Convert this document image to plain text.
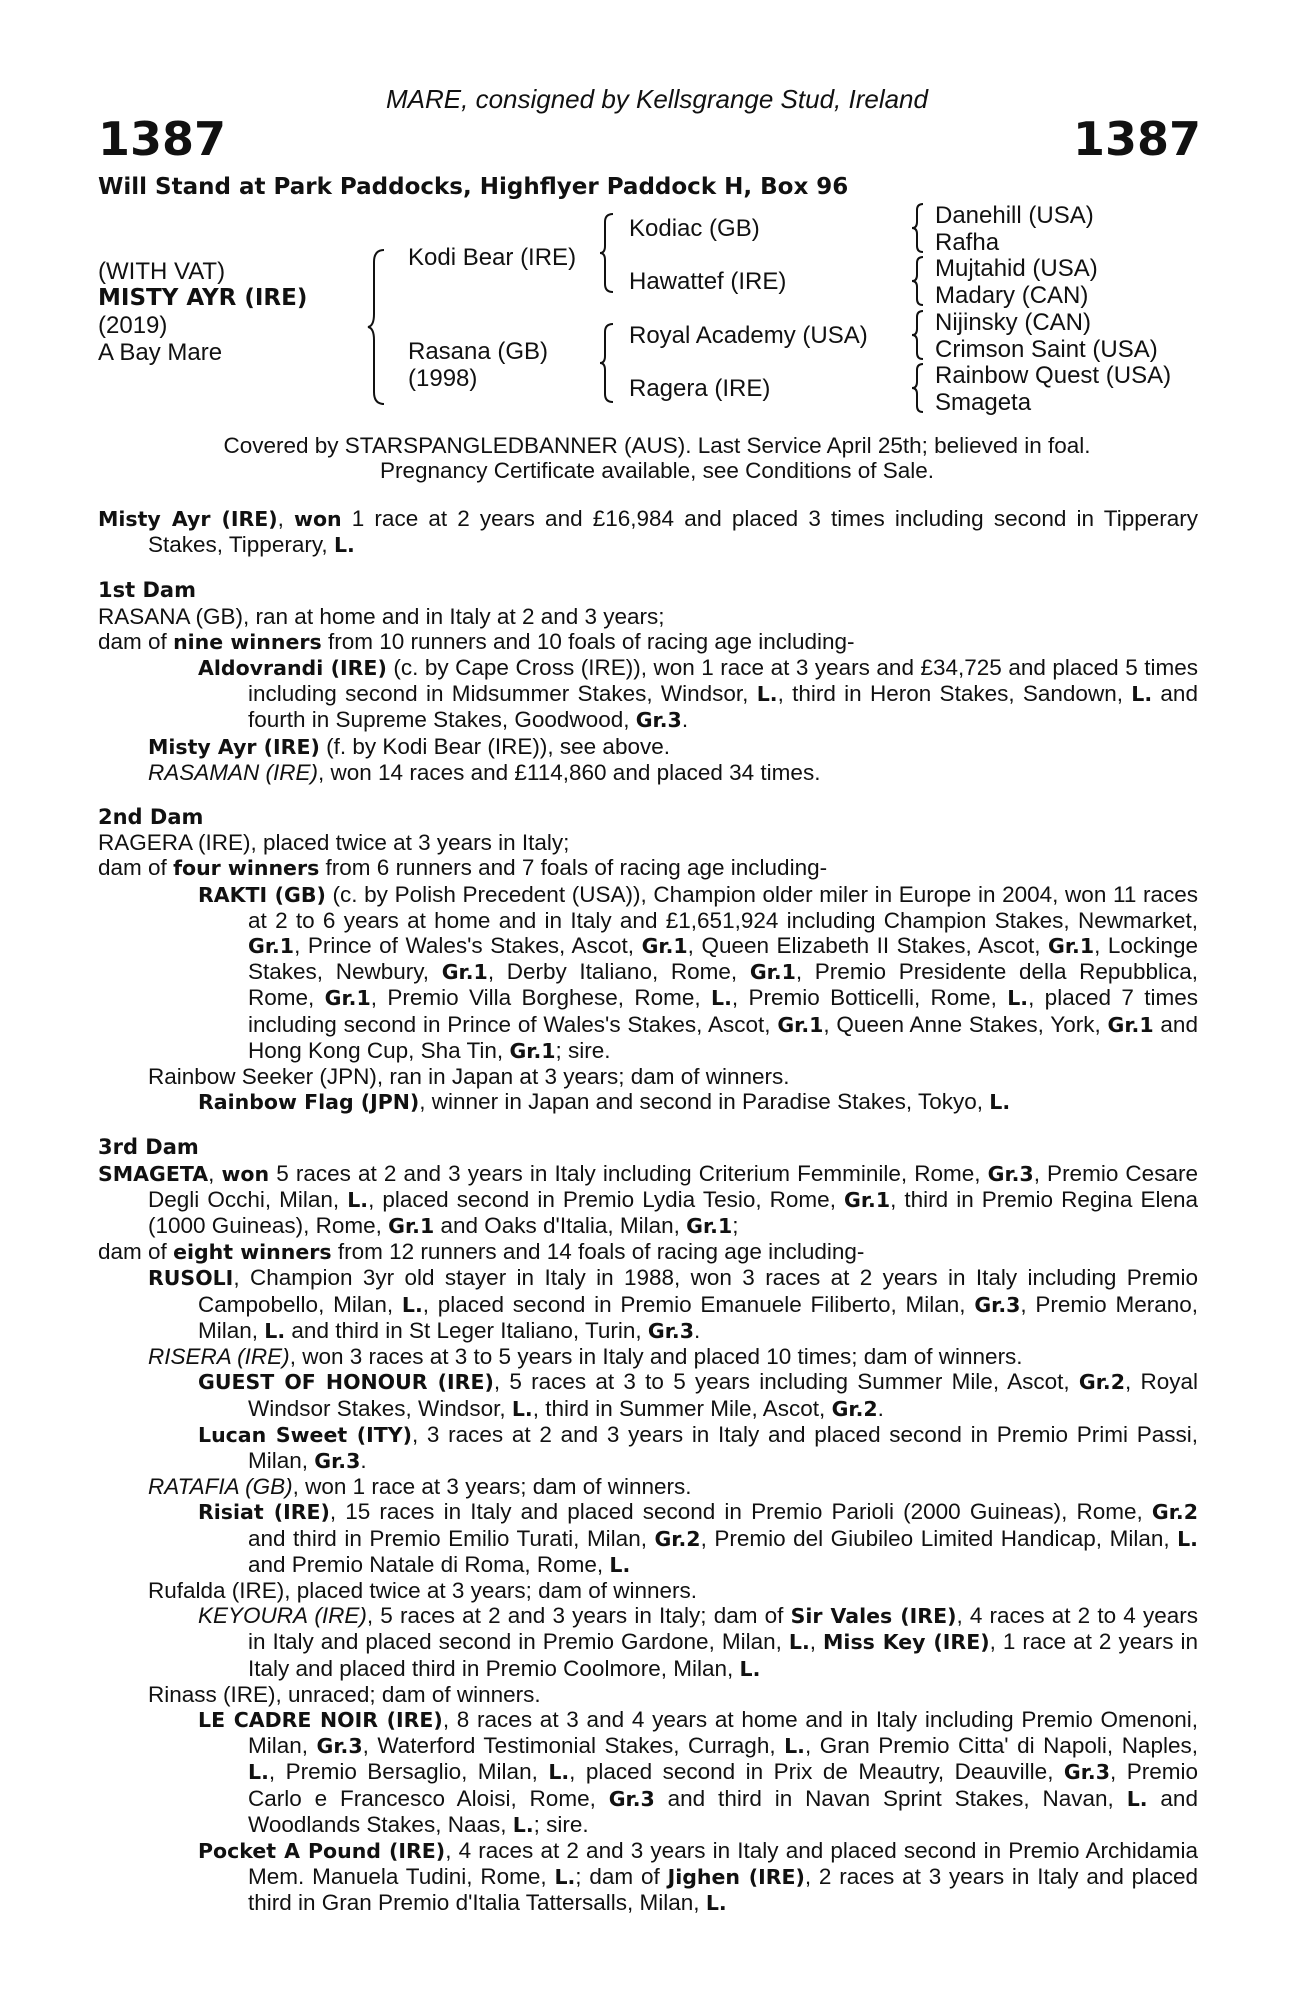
MARE, consigned by Kellsgrange Stud, Ireland
1387	1387
Will Stand at Park Paddocks, Highflyer Paddock H, Box 96
(WITH VAT)
MISTY AYR (IRE)
(2019)
A Bay Mare
Kodi Bear (IRE)
Rasana (GB)
(1998)
Kodiac (GB)
Hawattef (IRE)
Royal Academy (USA)
Ragera (IRE)
Danehill (USA)
Rafha
Mujtahid (USA)
Madary (CAN)
Nijinsky (CAN)
Crimson Saint (USA)
Rainbow Quest (USA)
Smageta
Covered by STARSPANGLEDBANNER (AUS). Last Service April 25th; believed in foal.
Pregnancy Certificate available, see Conditions of Sale.

Misty Ayr (IRE), won 1 race at 2 years and £16,984 and placed 3 times including second in Tipperary Stakes, Tipperary, L.

1st Dam

RASANA (GB), ran at home and in Italy at 2 and 3 years;

dam of nine winners from 10 runners and 10 foals of racing age including-

Aldovrandi (IRE) (c. by Cape Cross (IRE)), won 1 race at 3 years and £34,725 and placed 5 times including second in Midsummer Stakes, Windsor, L., third in Heron Stakes, Sandown, L. and fourth in Supreme Stakes, Goodwood, Gr.3.

Misty Ayr (IRE) (f. by Kodi Bear (IRE)), see above.

RASAMAN (IRE), won 14 races and £114,860 and placed 34 times.

2nd Dam

RAGERA (IRE), placed twice at 3 years in Italy;

dam of four winners from 6 runners and 7 foals of racing age including-

RAKTI (GB) (c. by Polish Precedent (USA)), Champion older miler in Europe in 2004, won 11 races at 2 to 6 years at home and in Italy and £1,651,924 including Champion Stakes, Newmarket, Gr.1, Prince of Wales's Stakes, Ascot, Gr.1, Queen Elizabeth II Stakes, Ascot, Gr.1, Lockinge Stakes, Newbury, Gr.1, Derby Italiano, Rome, Gr.1, Premio Presidente della Repubblica, Rome, Gr.1, Premio Villa Borghese, Rome, L., Premio Botticelli, Rome, L., placed 7 times including second in Prince of Wales's Stakes, Ascot, Gr.1, Queen Anne Stakes, York, Gr.1 and Hong Kong Cup, Sha Tin, Gr.1; sire.

Rainbow Seeker (JPN), ran in Japan at 3 years; dam of winners.

Rainbow Flag (JPN), winner in Japan and second in Paradise Stakes, Tokyo, L.

3rd Dam

SMAGETA, won 5 races at 2 and 3 years in Italy including Criterium Femminile, Rome, Gr.3, Premio Cesare Degli Occhi, Milan, L., placed second in Premio Lydia Tesio, Rome, Gr.1, third in Premio Regina Elena (1000 Guineas), Rome, Gr.1 and Oaks d'Italia, Milan, Gr.1;

dam of eight winners from 12 runners and 14 foals of racing age including-

RUSOLI, Champion 3yr old stayer in Italy in 1988, won 3 races at 2 years in Italy including Premio Campobello, Milan, L., placed second in Premio Emanuele Filiberto, Milan, Gr.3, Premio Merano, Milan, L. and third in St Leger Italiano, Turin, Gr.3.

RISERA (IRE), won 3 races at 3 to 5 years in Italy and placed 10 times; dam of winners.

GUEST OF HONOUR (IRE), 5 races at 3 to 5 years including Summer Mile, Ascot, Gr.2, Royal Windsor Stakes, Windsor, L., third in Summer Mile, Ascot, Gr.2.

Lucan Sweet (ITY), 3 races at 2 and 3 years in Italy and placed second in Premio Primi Passi, Milan, Gr.3.

RATAFIA (GB), won 1 race at 3 years; dam of winners.

Risiat (IRE), 15 races in Italy and placed second in Premio Parioli (2000 Guineas), Rome, Gr.2 and third in Premio Emilio Turati, Milan, Gr.2, Premio del Giubileo Limited Handicap, Milan, L. and Premio Natale di Roma, Rome, L.

Rufalda (IRE), placed twice at 3 years; dam of winners.

KEYOURA (IRE), 5 races at 2 and 3 years in Italy; dam of Sir Vales (IRE), 4 races at 2 to 4 years in Italy and placed second in Premio Gardone, Milan, L., Miss Key (IRE), 1 race at 2 years in Italy and placed third in Premio Coolmore, Milan, L.

Rinass (IRE), unraced; dam of winners.

LE CADRE NOIR (IRE), 8 races at 3 and 4 years at home and in Italy including Premio Omenoni, Milan, Gr.3, Waterford Testimonial Stakes, Curragh, L., Gran Premio Citta' di Napoli, Naples, L., Premio Bersaglio, Milan, L., placed second in Prix de Meautry, Deauville, Gr.3, Premio Carlo e Francesco Aloisi, Rome, Gr.3 and third in Navan Sprint Stakes, Navan, L. and Woodlands Stakes, Naas, L.; sire.

Pocket A Pound (IRE), 4 races at 2 and 3 years in Italy and placed second in Premio Archidamia Mem. Manuela Tudini, Rome, L.; dam of Jighen (IRE), 2 races at 3 years in Italy and placed third in Gran Premio d'Italia Tattersalls, Milan, L.
